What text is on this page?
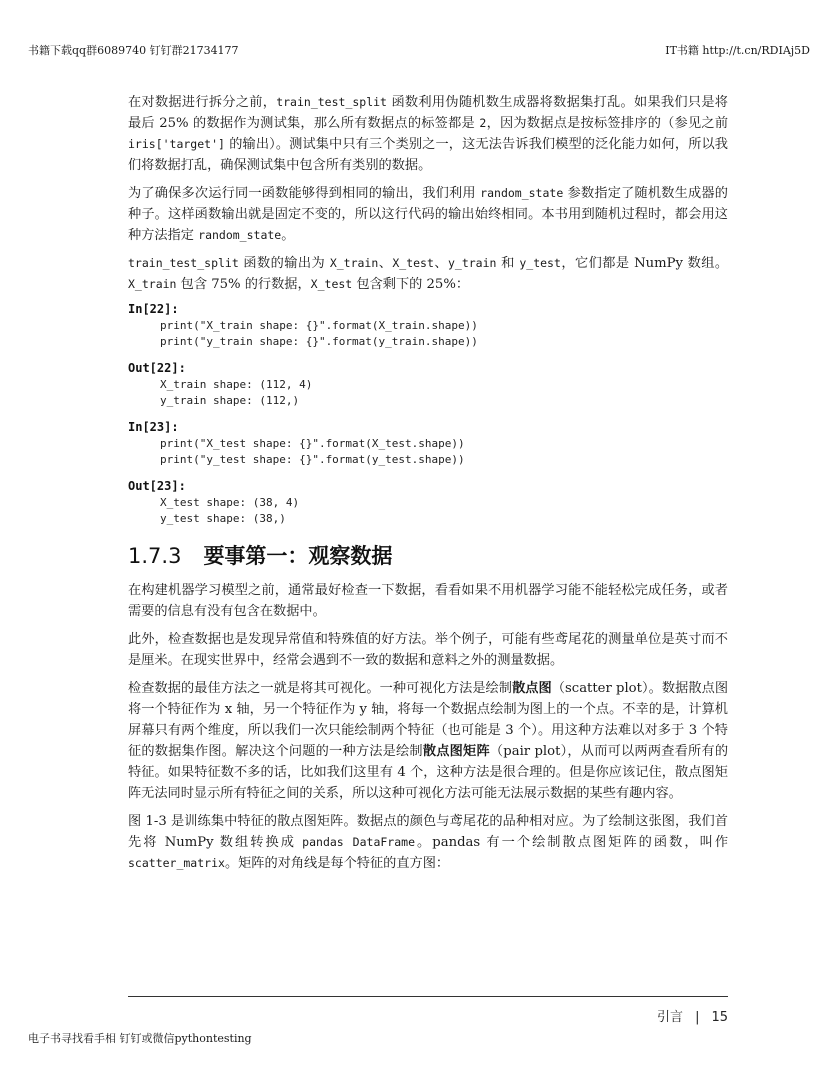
书籍下载qq群6089740 钉钉群21734177	IT书籍 http://t.cn/RDIAj5D

在对数据进行拆分之前，train_test_split 函数利用伪随机数生成器将数据集打乱。如果我们只是将最后 25% 的数据作为测试集，那么所有数据点的标签都是 2，因为数据点是按标签排序的（参见之前 iris['target'] 的输出）。测试集中只有三个类别之一，这无法告诉我们模型的泛化能力如何，所以我们将数据打乱，确保测试集中包含所有类别的数据。

为了确保多次运行同一函数能够得到相同的输出，我们利用 random_state 参数指定了随机数生成器的种子。这样函数输出就是固定不变的，所以这行代码的输出始终相同。本书用到随机过程时，都会用这种方法指定 random_state。

train_test_split 函数的输出为 X_train、X_test、y_train 和 y_test，它们都是 NumPy 数组。X_train 包含 75% 的行数据，X_test 包含剩下的 25%：

In[22]:
print("X_train shape: {}".format(X_train.shape))
print("y_train shape: {}".format(y_train.shape))
Out[22]:
X_train shape: (112, 4)
y_train shape: (112,)
In[23]:
print("X_test shape: {}".format(X_test.shape))
print("y_test shape: {}".format(y_test.shape))
Out[23]:
X_test shape: (38, 4)
y_test shape: (38,)
1.7.3 要事第一：观察数据

在构建机器学习模型之前，通常最好检查一下数据，看看如果不用机器学习能不能轻松完成任务，或者需要的信息有没有包含在数据中。

此外，检查数据也是发现异常值和特殊值的好方法。举个例子，可能有些鸢尾花的测量单位是英寸而不是厘米。在现实世界中，经常会遇到不一致的数据和意料之外的测量数据。

检查数据的最佳方法之一就是将其可视化。一种可视化方法是绘制散点图（scatter plot）。数据散点图将一个特征作为 x 轴，另一个特征作为 y 轴，将每一个数据点绘制为图上的一个点。不幸的是，计算机屏幕只有两个维度，所以我们一次只能绘制两个特征（也可能是 3 个）。用这种方法难以对多于 3 个特征的数据集作图。解决这个问题的一种方法是绘制散点图矩阵（pair plot），从而可以两两查看所有的特征。如果特征数不多的话，比如我们这里有 4 个，这种方法是很合理的。但是你应该记住，散点图矩阵无法同时显示所有特征之间的关系，所以这种可视化方法可能无法展示数据的某些有趣内容。

图 1-3 是训练集中特征的散点图矩阵。数据点的颜色与鸢尾花的品种相对应。为了绘制这张图，我们首先将 NumPy 数组转换成 pandas DataFrame。pandas 有一个绘制散点图矩阵的函数，叫作 scatter_matrix。矩阵的对角线是每个特征的直方图：

引言 | 15
电子书寻找看手相 钉钉或微信pythontesting
